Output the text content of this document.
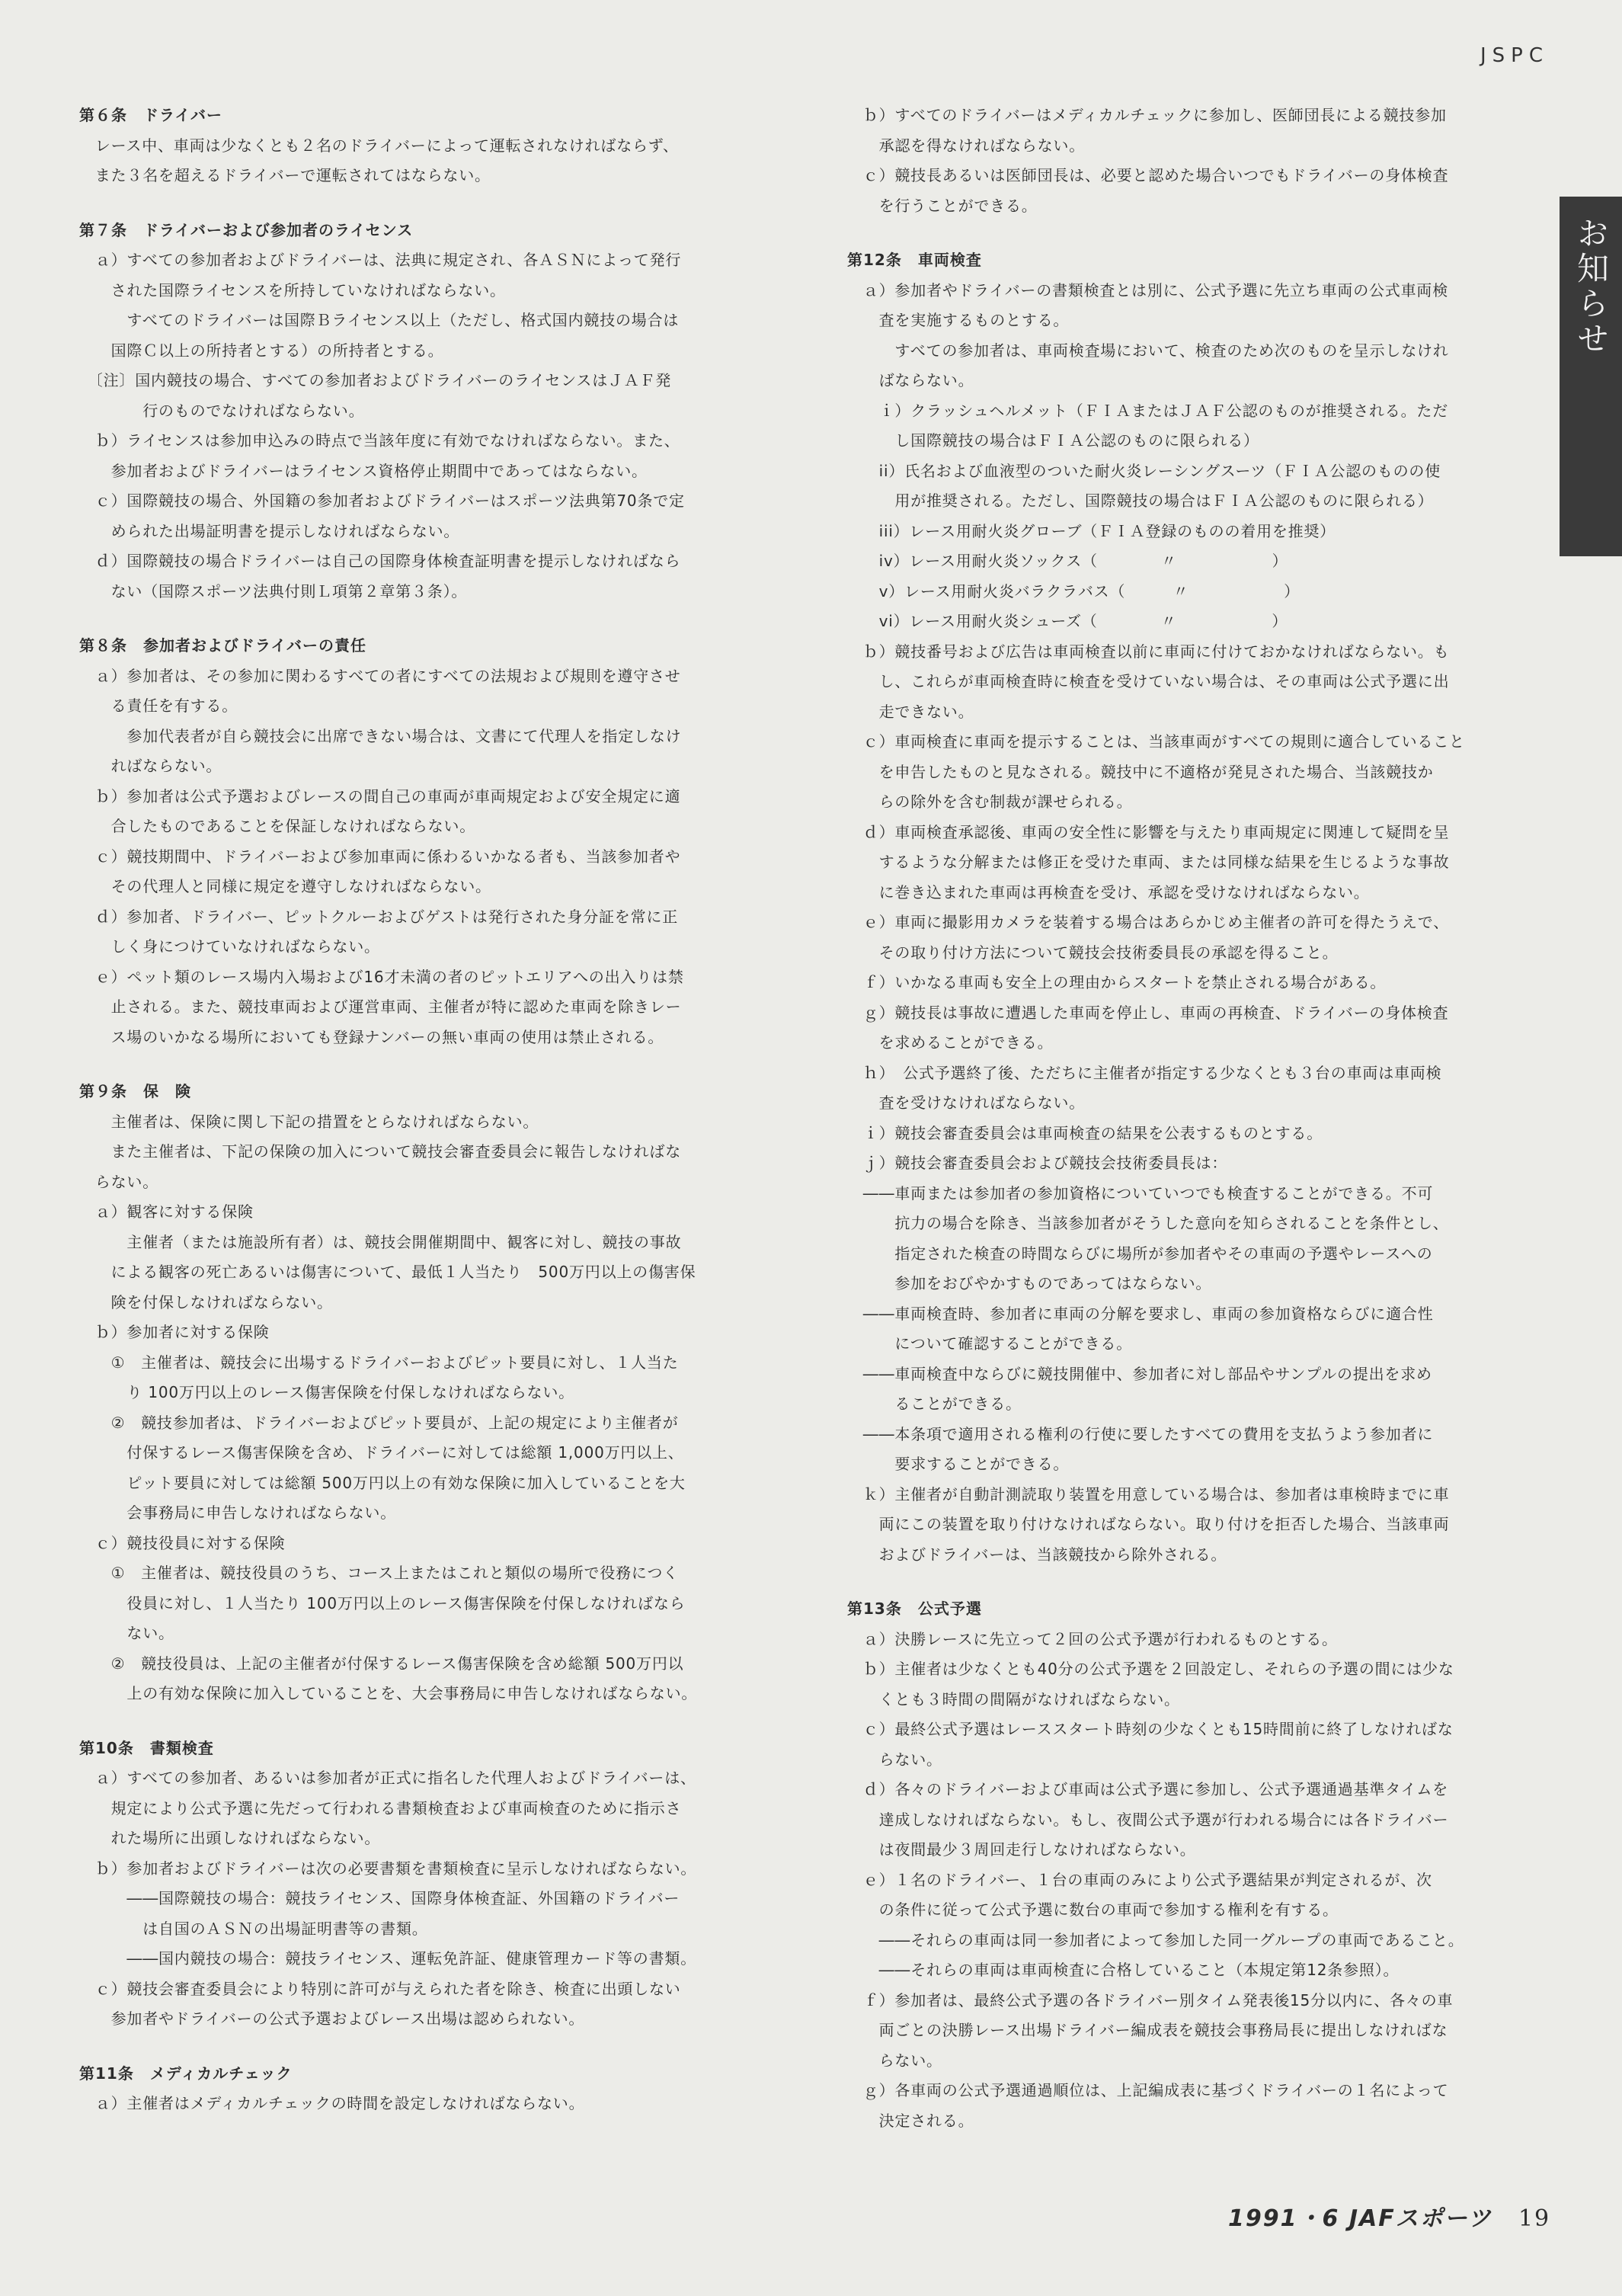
JSPC
お知らせ
第６条　ドライバー
　レース中、車両は少なくとも２名のドライバーによって運転されなければならず、
　また３名を超えるドライバーで運転されてはならない。
第７条　ドライバーおよび参加者のライセンス
　ａ）すべての参加者およびドライバーは、法典に規定され、各ＡＳＮによって発行
　　された国際ライセンスを所持していなければならない。
　　　すべてのドライバーは国際Ｂライセンス以上（ただし、格式国内競技の場合は
　　国際Ｃ以上の所持者とする）の所持者とする。
　〔注〕国内競技の場合、すべての参加者およびドライバーのライセンスはＪＡＦ発
　　　　行のものでなければならない。
　ｂ）ライセンスは参加申込みの時点で当該年度に有効でなければならない。また、
　　参加者およびドライバーはライセンス資格停止期間中であってはならない。
　ｃ）国際競技の場合、外国籍の参加者およびドライバーはスポーツ法典第70条で定
　　められた出場証明書を提示しなければならない。
　ｄ）国際競技の場合ドライバーは自己の国際身体検査証明書を提示しなければなら
　　ない（国際スポーツ法典付則Ｌ項第２章第３条）。
第８条　参加者およびドライバーの責任
　ａ）参加者は、その参加に関わるすべての者にすべての法規および規則を遵守させ
　　る責任を有する。
　　　参加代表者が自ら競技会に出席できない場合は、文書にて代理人を指定しなけ
　　ればならない。
　ｂ）参加者は公式予選およびレースの間自己の車両が車両規定および安全規定に適
　　合したものであることを保証しなければならない。
　ｃ）競技期間中、ドライバーおよび参加車両に係わるいかなる者も、当該参加者や
　　その代理人と同様に規定を遵守しなければならない。
　ｄ）参加者、ドライバー、ピットクルーおよびゲストは発行された身分証を常に正
　　しく身につけていなければならない。
　ｅ）ペット類のレース場内入場および16才未満の者のピットエリアへの出入りは禁
　　止される。また、競技車両および運営車両、主催者が特に認めた車両を除きレー
　　ス場のいかなる場所においても登録ナンバーの無い車両の使用は禁止される。
第９条　保　険
　　主催者は、保険に関し下記の措置をとらなければならない。
　　また主催者は、下記の保険の加入について競技会審査委員会に報告しなければな
　らない。
　ａ）観客に対する保険
　　　主催者（または施設所有者）は、競技会開催期間中、観客に対し、競技の事故
　　による観客の死亡あるいは傷害について、最低１人当たり　500万円以上の傷害保
　　険を付保しなければならない。
　ｂ）参加者に対する保険
　　①　主催者は、競技会に出場するドライバーおよびピット要員に対し、１人当た
　　　り 100万円以上のレース傷害保険を付保しなければならない。
　　②　競技参加者は、ドライバーおよびピット要員が、上記の規定により主催者が
　　　付保するレース傷害保険を含め、ドライバーに対しては総額 1,000万円以上、
　　　ピット要員に対しては総額 500万円以上の有効な保険に加入していることを大
　　　会事務局に申告しなければならない。
　ｃ）競技役員に対する保険
　　①　主催者は、競技役員のうち、コース上またはこれと類似の場所で役務につく
　　　役員に対し、１人当たり 100万円以上のレース傷害保険を付保しなければなら
　　　ない。
　　②　競技役員は、上記の主催者が付保するレース傷害保険を含め総額 500万円以
　　　上の有効な保険に加入していることを、大会事務局に申告しなければならない。
第10条　書類検査
　ａ）すべての参加者、あるいは参加者が正式に指名した代理人およびドライバーは、
　　規定により公式予選に先だって行われる書類検査および車両検査のために指示さ
　　れた場所に出頭しなければならない。
　ｂ）参加者およびドライバーは次の必要書類を書類検査に呈示しなければならない。
　　　――国際競技の場合：競技ライセンス、国際身体検査証、外国籍のドライバー
　　　　は自国のＡＳＮの出場証明書等の書類。
　　　――国内競技の場合：競技ライセンス、運転免許証、健康管理カード等の書類。
　ｃ）競技会審査委員会により特別に許可が与えられた者を除き、検査に出頭しない
　　参加者やドライバーの公式予選およびレース出場は認められない。
第11条　メディカルチェック
　ａ）主催者はメディカルチェックの時間を設定しなければならない。
　ｂ）すべてのドライバーはメディカルチェックに参加し、医師団長による競技参加
　　承認を得なければならない。
　ｃ）競技長あるいは医師団長は、必要と認めた場合いつでもドライバーの身体検査
　　を行うことができる。
第12条　車両検査
　ａ）参加者やドライバーの書類検査とは別に、公式予選に先立ち車両の公式車両検
　　査を実施するものとする。
　　　すべての参加者は、車両検査場において、検査のため次のものを呈示しなけれ
　　ばならない。
　　ｉ）クラッシュヘルメット（ＦＩＡまたはＪＡＦ公認のものが推奨される。ただ
　　　し国際競技の場合はＦＩＡ公認のものに限られる）
　　ii）氏名および血液型のついた耐火炎レーシングスーツ（ＦＩＡ公認のものの使
　　　用が推奨される。ただし、国際競技の場合はＦＩＡ公認のものに限られる）
　　iii）レース用耐火炎グローブ（ＦＩＡ登録のものの着用を推奨）
　　iv）レース用耐火炎ソックス（　　　　〃　　　　　　）
　　v）レース用耐火炎バラクラバス（　　　〃　　　　　　）
　　vi）レース用耐火炎シューズ（　　　　〃　　　　　　）
　ｂ）競技番号および広告は車両検査以前に車両に付けておかなければならない。も
　　し、これらが車両検査時に検査を受けていない場合は、その車両は公式予選に出
　　走できない。
　ｃ）車両検査に車両を提示することは、当該車両がすべての規則に適合していること
　　を申告したものと見なされる。競技中に不適格が発見された場合、当該競技か
　　らの除外を含む制裁が課せられる。
　ｄ）車両検査承認後、車両の安全性に影響を与えたり車両規定に関連して疑問を呈
　　するような分解または修正を受けた車両、または同様な結果を生じるような事故
　　に巻き込まれた車両は再検査を受け、承認を受けなければならない。
　ｅ）車両に撮影用カメラを装着する場合はあらかじめ主催者の許可を得たうえで、
　　その取り付け方法について競技会技術委員長の承認を得ること。
　ｆ）いかなる車両も安全上の理由からスタートを禁止される場合がある。
　ｇ）競技長は事故に遭遇した車両を停止し、車両の再検査、ドライバーの身体検査
　　を求めることができる。
　ｈ）　公式予選終了後、ただちに主催者が指定する少なくとも３台の車両は車両検
　　査を受けなければならない。
　ｉ）競技会審査委員会は車両検査の結果を公表するものとする。
　ｊ）競技会審査委員会および競技会技術委員長は：
　――車両または参加者の参加資格についていつでも検査することができる。不可
　　　抗力の場合を除き、当該参加者がそうした意向を知らされることを条件とし、
　　　指定された検査の時間ならびに場所が参加者やその車両の予選やレースへの
　　　参加をおびやかすものであってはならない。
　――車両検査時、参加者に車両の分解を要求し、車両の参加資格ならびに適合性
　　　について確認することができる。
　――車両検査中ならびに競技開催中、参加者に対し部品やサンプルの提出を求め
　　　ることができる。
　――本条項で適用される権利の行使に要したすべての費用を支払うよう参加者に
　　　要求することができる。
　ｋ）主催者が自動計測読取り装置を用意している場合は、参加者は車検時までに車
　　両にこの装置を取り付けなければならない。取り付けを拒否した場合、当該車両
　　およびドライバーは、当該競技から除外される。
第13条　公式予選
　ａ）決勝レースに先立って２回の公式予選が行われるものとする。
　ｂ）主催者は少なくとも40分の公式予選を２回設定し、それらの予選の間には少な
　　くとも３時間の間隔がなければならない。
　ｃ）最終公式予選はレーススタート時刻の少なくとも15時間前に終了しなければな
　　らない。
　ｄ）各々のドライバーおよび車両は公式予選に参加し、公式予選通過基準タイムを
　　達成しなければならない。もし、夜間公式予選が行われる場合には各ドライバー
　　は夜間最少３周回走行しなければならない。
　ｅ）１名のドライバー、１台の車両のみにより公式予選結果が判定されるが、次
　　の条件に従って公式予選に数台の車両で参加する権利を有する。
　　――それらの車両は同一参加者によって参加した同一グループの車両であること。
　　――それらの車両は車両検査に合格していること（本規定第12条参照）。
　ｆ）参加者は、最終公式予選の各ドライバー別タイム発表後15分以内に、各々の車
　　両ごとの決勝レース出場ドライバー編成表を競技会事務局長に提出しなければな
　　らない。
　ｇ）各車両の公式予選通過順位は、上記編成表に基づくドライバーの１名によって
　　決定される。
1991・6 JAFスポーツ 19
